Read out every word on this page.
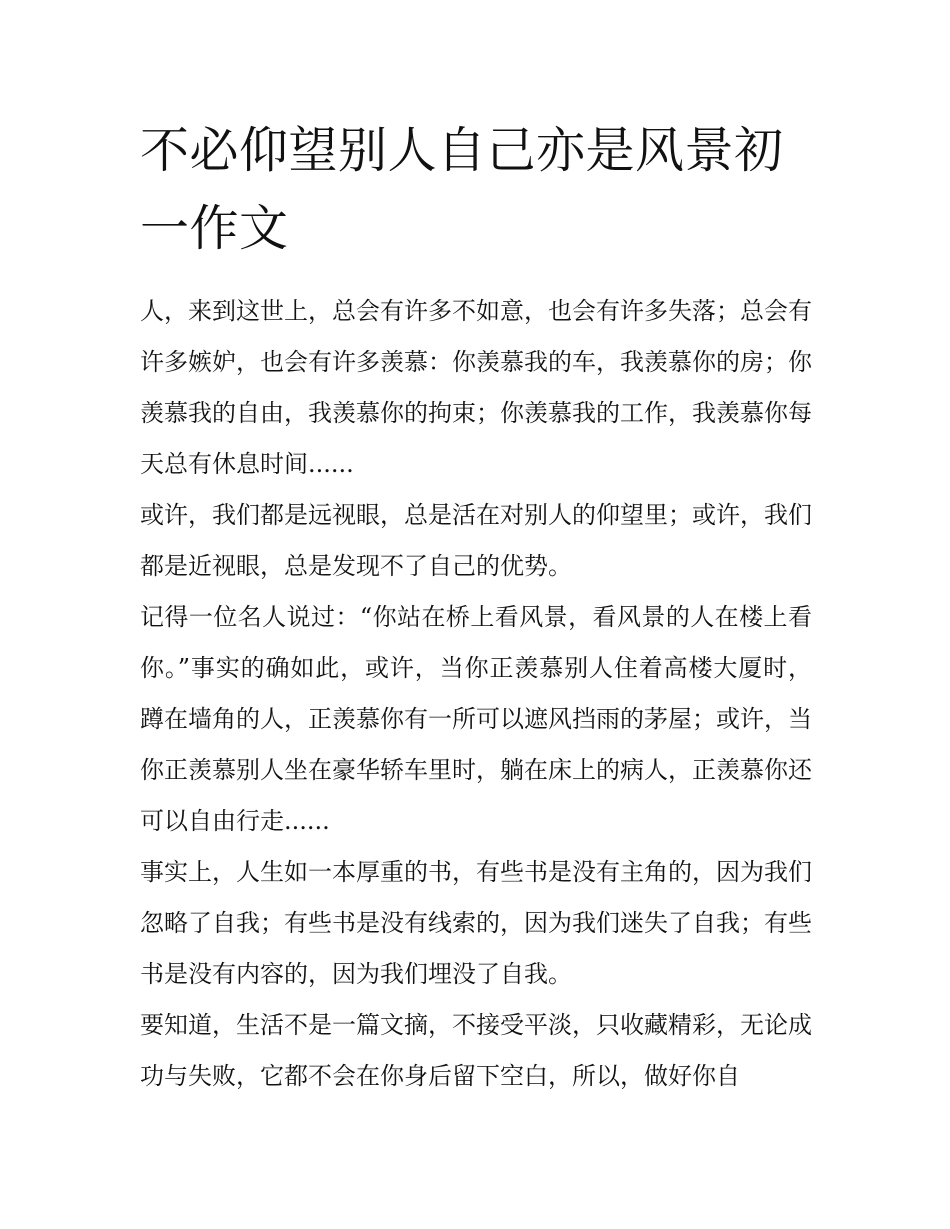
不必仰望别人自己亦是风景初一作文

人，来到这世上，总会有许多不如意，也会有许多失落；总会有许多嫉妒，也会有许多羡慕：你羡慕我的车，我羡慕你的房；你羡慕我的自由，我羡慕你的拘束；你羡慕我的工作，我羡慕你每天总有休息时间......

或许，我们都是远视眼，总是活在对别人的仰望里；或许，我们都是近视眼，总是发现不了自己的优势。

记得一位名人说过：“你站在桥上看风景，看风景的人在楼上看你。”事实的确如此，或许，当你正羡慕别人住着高楼大厦时，蹲在墙角的人，正羡慕你有一所可以遮风挡雨的茅屋；或许，当你正羡慕别人坐在豪华轿车里时，躺在床上的病人，正羡慕你还可以自由行走......

事实上，人生如一本厚重的书，有些书是没有主角的，因为我们忽略了自我；有些书是没有线索的，因为我们迷失了自我；有些书是没有内容的，因为我们埋没了自我。

要知道，生活不是一篇文摘，不接受平淡，只收藏精彩，无论成功与失败，它都不会在你身后留下空白，所以，做好你自
